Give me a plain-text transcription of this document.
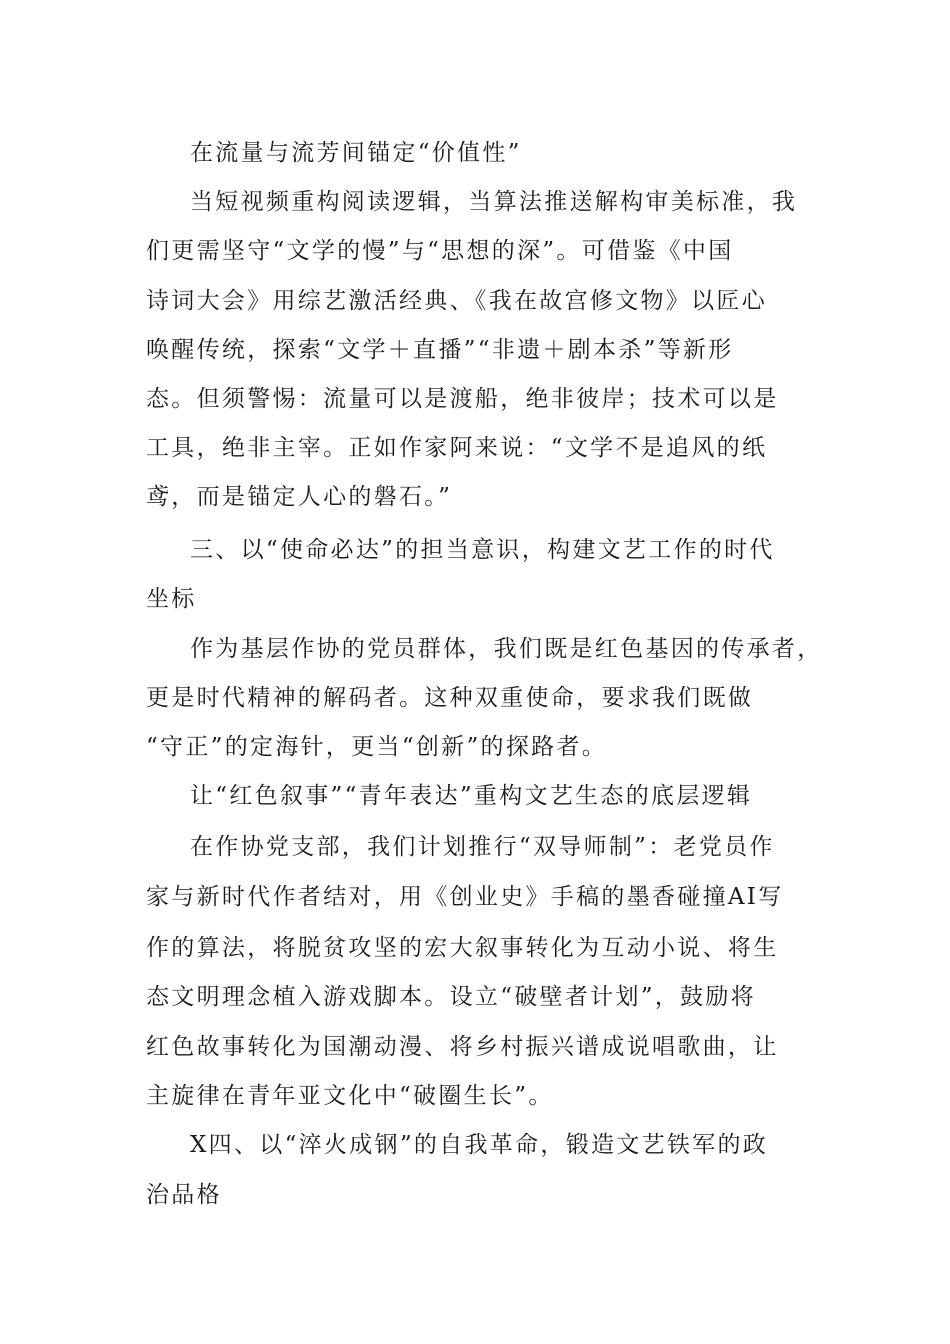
在流量与流芳间锚定“价值性”
当短视频重构阅读逻辑，当算法推送解构审美标准，我
们更需坚守“文学的慢”与“思想的深”。可借鉴《中国
诗词大会》用综艺激活经典、《我在故宫修文物》以匠心
唤醒传统，探索“文学＋直播”“非遗＋剧本杀”等新形
态。但须警惕：流量可以是渡船，绝非彼岸；技术可以是
工具，绝非主宰。正如作家阿来说：“文学不是追风的纸
鸢，而是锚定人心的磐石。”
三、以“使命必达”的担当意识，构建文艺工作的时代
坐标
作为基层作协的党员群体，我们既是红色基因的传承者，
更是时代精神的解码者。这种双重使命，要求我们既做
“守正”的定海针，更当“创新”的探路者。
让“红色叙事”“青年表达”重构文艺生态的底层逻辑
在作协党支部，我们计划推行“双导师制”：老党员作
家与新时代作者结对，用《创业史》手稿的墨香碰撞AI写
作的算法，将脱贫攻坚的宏大叙事转化为互动小说、将生
态文明理念植入游戏脚本。设立“破壁者计划”，鼓励将
红色故事转化为国潮动漫、将乡村振兴谱成说唱歌曲，让
主旋律在青年亚文化中“破圈生长”。
X四、以“淬火成钢”的自我革命，锻造文艺铁军的政
治品格
